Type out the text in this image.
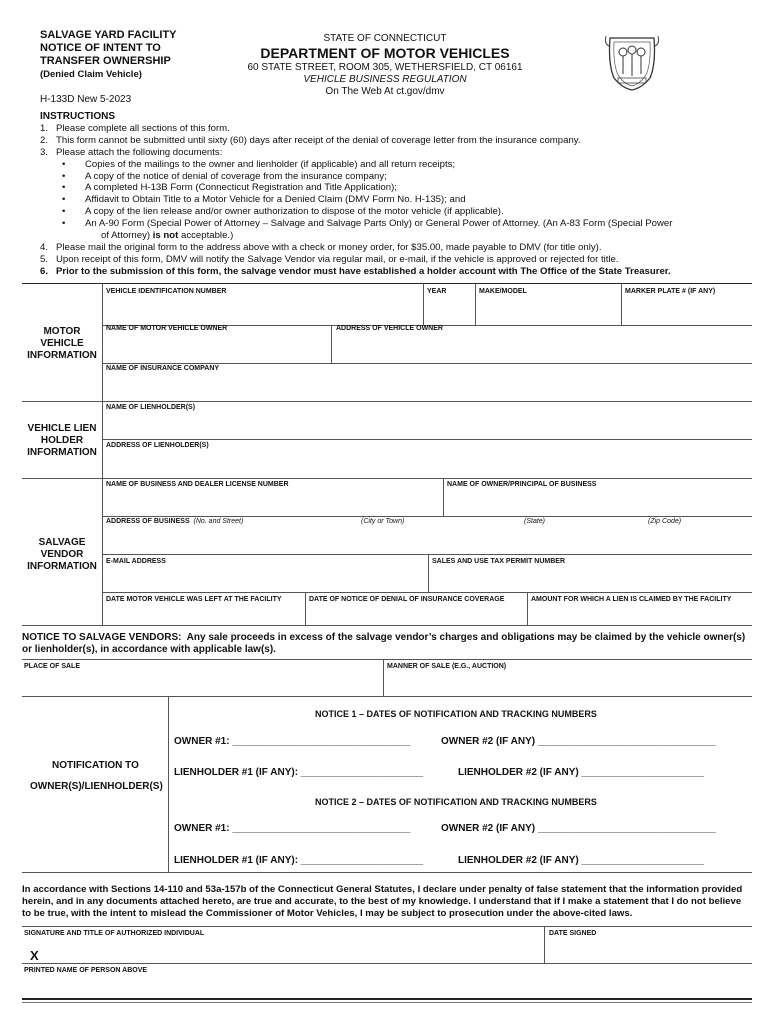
SALVAGE YARD FACILITY
NOTICE OF INTENT TO
TRANSFER OWNERSHIP
(Denied Claim Vehicle)
H-133D New 5-2023
STATE OF CONNECTICUT
DEPARTMENT OF MOTOR VEHICLES
60 STATE STREET, ROOM 305, WETHERSFIELD, CT 06161
VEHICLE BUSINESS REGULATION
On The Web At ct.gov/dmv
INSTRUCTIONS
1. Please complete all sections of this form.
2. This form cannot be submitted until sixty (60) days after receipt of the denial of coverage letter from the insurance company.
3. Please attach the following documents:
•	Copies of the mailings to the owner and lienholder (if applicable) and all return receipts;
•	A copy of the notice of denial of coverage from the insurance company;
•	A completed H-13B Form (Connecticut Registration and Title Application);
•	Affidavit to Obtain Title to a Motor Vehicle for a Denied Claim (DMV Form No. H-135); and
•	A copy of the lien release and/or owner authorization to dispose of the motor vehicle (if applicable).
•	An A-90 Form (Special Power of Attorney – Salvage and Salvage Parts Only) or General Power of Attorney. (An A-83 Form (Special Power
of Attorney) is not acceptable.)
4. Please mail the original form to the address above with a check or money order, for $35.00, made payable to DMV (for title only).
5. Upon receipt of this form, DMV will notify the Salvage Vendor via regular mail, or e-mail, if the vehicle is approved or rejected for title.
6. Prior to the submission of this form, the salvage vendor must have established a holder account with The Office of the State Treasurer.
MOTOR VEHICLE INFORMATION
VEHICLE LIEN HOLDER INFORMATION
SALVAGE VENDOR INFORMATION
VEHICLE IDENTIFICATION NUMBER	YEAR	MAKE/MODEL	MARKER PLATE # (IF ANY)
NAME OF MOTOR VEHICLE OWNER	ADDRESS OF VEHICLE OWNER
NAME OF INSURANCE COMPANY
NAME OF LIENHOLDER(S)
ADDRESS OF LIENHOLDER(S)
NAME OF BUSINESS AND DEALER LICENSE NUMBER	NAME OF OWNER/PRINCIPAL OF BUSINESS
ADDRESS OF BUSINESS (No. and Street)	(City or Town)	(State)	(Zip Code)
E-MAIL ADDRESS	SALES AND USE TAX PERMIT NUMBER
DATE MOTOR VEHICLE WAS LEFT AT THE FACILITY	DATE OF NOTICE OF DENIAL OF INSURANCE COVERAGE	AMOUNT FOR WHICH A LIEN IS CLAIMED BY THE FACILITY
NOTICE TO SALVAGE VENDORS: Any sale proceeds in excess of the salvage vendor’s charges and obligations may be claimed by the vehicle owner(s) or lienholder(s), in accordance with applicable law(s).
PLACE OF SALE	MANNER OF SALE (E.G., AUCTION)
NOTIFICATION TO
OWNER(S)/LIENHOLDER(S)
NOTICE 1 – DATES OF NOTIFICATION AND TRACKING NUMBERS
OWNER #1: ________________________________	OWNER #2 (IF ANY) ________________________________
LIENHOLDER #1 (IF ANY): ______________________	LIENHOLDER #2 (IF ANY) ______________________
NOTICE 2 – DATES OF NOTIFICATION AND TRACKING NUMBERS
OWNER #1: ________________________________	OWNER #2 (IF ANY) ________________________________
LIENHOLDER #1 (IF ANY): ______________________	LIENHOLDER #2 (IF ANY) ______________________
In accordance with Sections 14-110 and 53a-157b of the Connecticut General Statutes, I declare under penalty of false statement that the information provided herein, and in any documents attached hereto, are true and accurate, to the best of my knowledge. I understand that if I make a statement that I do not believe to be true, with the intent to mislead the Commissioner of Motor Vehicles, I may be subject to prosecution under the above-cited laws.
SIGNATURE AND TITLE OF AUTHORIZED INDIVIDUAL	DATE SIGNED
X
PRINTED NAME OF PERSON ABOVE
